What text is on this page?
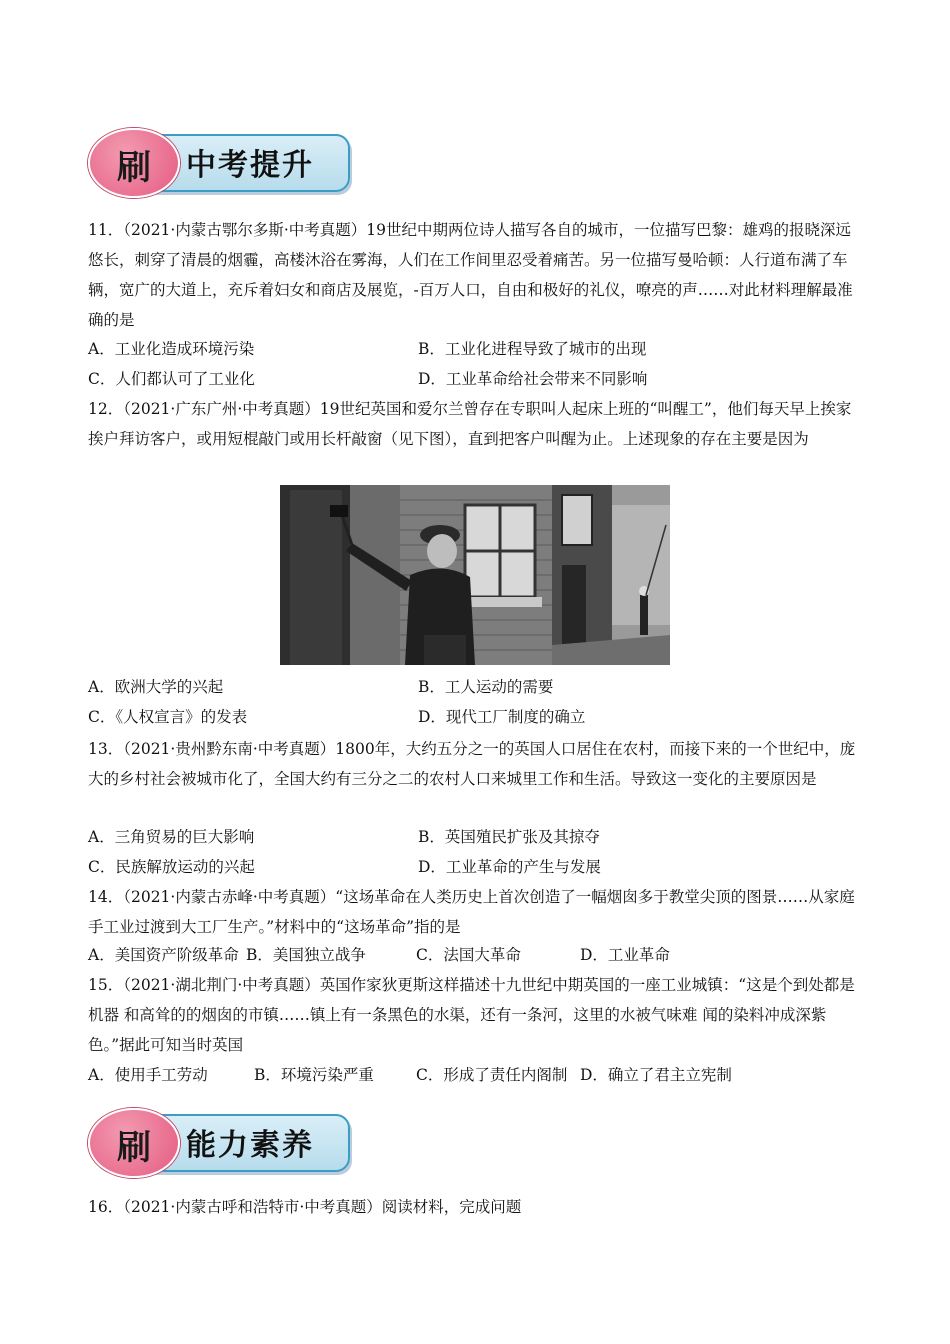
刷	中考提升

11．（2021·内蒙古鄂尔多斯·中考真题）19世纪中期两位诗人描写各自的城市，一位描写巴黎：雄鸡的报晓深远悠长，刺穿了清晨的烟霾，高楼沐浴在雾海，人们在工作间里忍受着痛苦。另一位描写曼哈顿：人行道布满了车辆，宽广的大道上，充斥着妇女和商店及展览，-百万人口，自由和极好的礼仪，嘹亮的声……对此材料理解最准确的是

A．工业化造成环境污染	B．工业化进程导致了城市的出现
C．人们都认可了工业化	D．工业革命给社会带来不同影响

12．（2021·广东广州·中考真题）19世纪英国和爱尔兰曾存在专职叫人起床上班的“叫醒工”，他们每天早上挨家挨户拜访客户，或用短棍敲门或用长杆敲窗（见下图），直到把客户叫醒为止。上述现象的存在主要是因为

A．欧洲大学的兴起	B．工人运动的需要
C．《人权宣言》的发表	D．现代工厂制度的确立

13．（2021·贵州黔东南·中考真题）1800年，大约五分之一的英国人口居住在农村，而接下来的一个世纪中，庞大的乡村社会被城市化了，全国大约有三分之二的农村人口来城里工作和生活。导致这一变化的主要原因是

A．三角贸易的巨大影响	B．英国殖民扩张及其掠夺
C．民族解放运动的兴起	D．工业革命的产生与发展

14．（2021·内蒙古赤峰·中考真题）“这场革命在人类历史上首次创造了一幅烟囱多于教堂尖顶的图景……从家庭手工业过渡到大工厂生产。”材料中的“这场革命”指的是

A．美国资产阶级革命 B．美国独立战争	C．法国大革命	D．工业革命

15．（2021·湖北荆门·中考真题）英国作家狄更斯这样描述十九世纪中期英国的一座工业城镇：“这是个到处都是机器 和高耸的的烟囱的市镇……镇上有一条黑色的水渠，还有一条河，这里的水被气味难 闻的染料冲成深紫色。”据此可知当时英国

A．使用手工劳动	B．环境污染严重	C．形成了责任内阁制 D．确立了君主立宪制
刷	能力素养

16．（2021·内蒙古呼和浩特市·中考真题）阅读材料，完成问题
